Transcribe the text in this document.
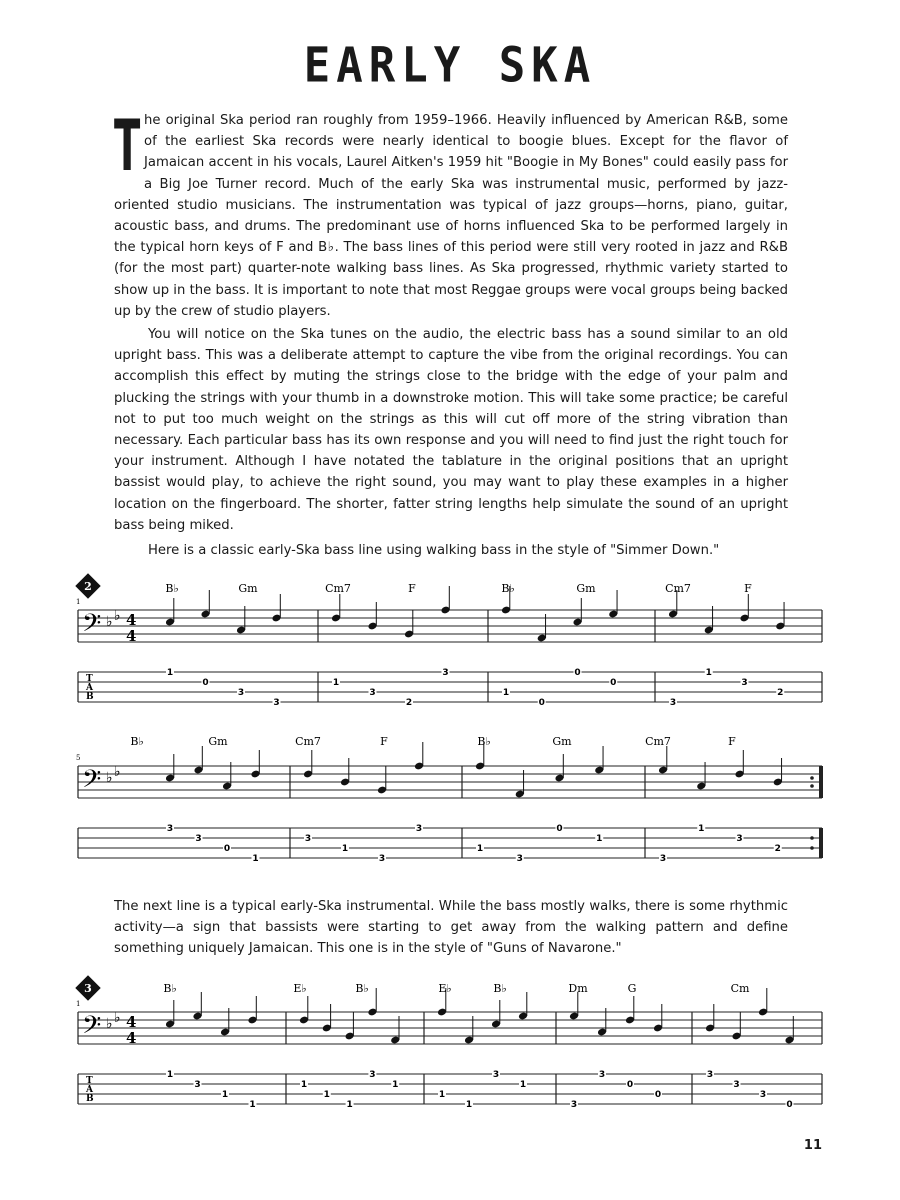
EARLY SKA
T he original Ska period ran roughly from 1959–1966. Heavily influenced by American R&B, some of the earliest Ska records were nearly identical to boogie blues. Except for the flavor of Jamaican accent in his vocals, Laurel Aitken's 1959 hit "Boogie in My Bones" could easily pass for a Big Joe Turner record. Much of the early Ska was instrumental music, performed by jazz-oriented studio musicians. The instrumentation was typical of jazz groups—horns, piano, guitar, acoustic bass, and drums. The predominant use of horns influenced Ska to be performed largely in the typical horn keys of F and B♭. The bass lines of this period were still very rooted in jazz and R&B (for the most part) quarter-note walking bass lines. As Ska progressed, rhythmic variety started to show up in the bass. It is important to note that most Reggae groups were vocal groups being backed up by the crew of studio players.
You will notice on the Ska tunes on the audio, the electric bass has a sound similar to an old upright bass. This was a deliberate attempt to capture the vibe from the original recordings. You can accomplish this effect by muting the strings close to the bridge with the edge of your palm and plucking the strings with your thumb in a downstroke motion. This will take some practice; be careful not to put too much weight on the strings as this will cut off more of the string vibration than necessary. Each particular bass has its own response and you will need to find just the right touch for your instrument. Although I have notated the tablature in the original positions that an upright bassist would play, to achieve the right sound, you may want to play these examples in a higher location on the fingerboard. The shorter, fatter string lengths help simulate the sound of an upright bass being miked.
Here is a classic early-Ska bass line using walking bass in the style of "Simmer Down."
The next line is a typical early-Ska instrumental. While the bass mostly walks, there is some rhythmic activity—a sign that bassists were starting to get away from the walking pattern and define something uniquely Jamaican. This one is in the style of "Guns of Navarone."
𝄢 ♭ ♭
1
4
4
T
A
B
2	B♭	Gm	Cm7	F	B♭	Gm	Cm7	F
1
0
3
3
1
3
2
3
1
0
0
0
3
1
3
2
𝄢 ♭ ♭
5
B♭	Gm	Cm7	F	B♭	Gm	Cm7	F
3
3
0
1
3
1
3
3
1
3
0
1
3
1
3
2
𝄢 ♭ ♭
1
4
4
T
A
B
3	B♭	E♭	B♭	E♭	B♭	Dm	G	Cm
1
3
1
1
1
1
1
3
1
1
1
3
1
3
3
0
0
3
3
3
0
11
